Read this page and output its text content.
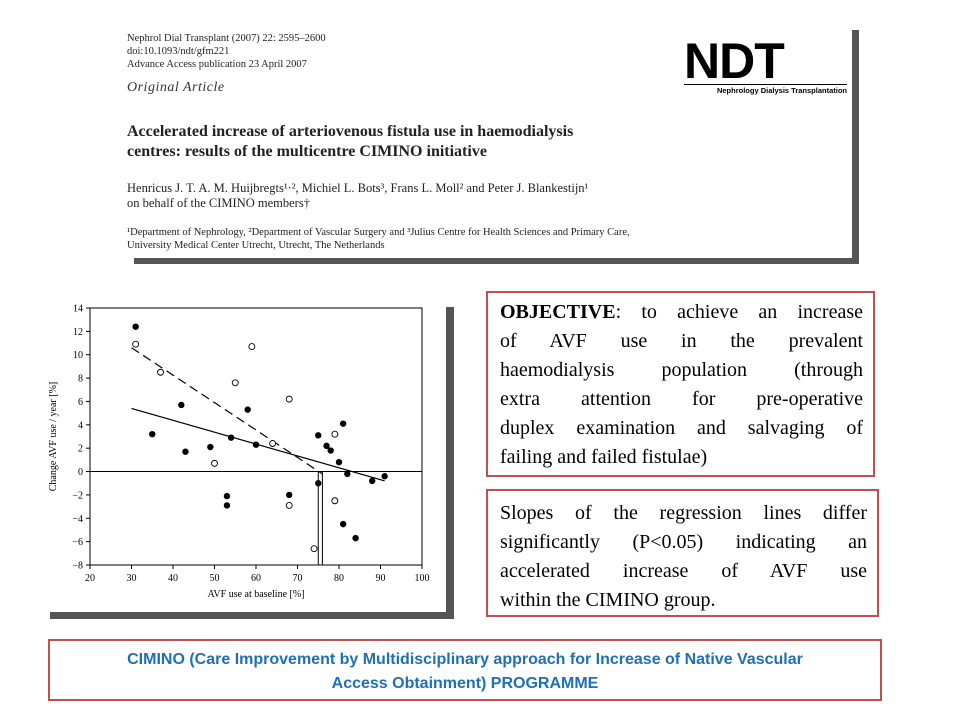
Nephrol Dial Transplant (2007) 22: 2595–2600
doi:10.1093/ndt/gfm221
Advance Access publication 23 April 2007
Original Article
Accelerated increase of arteriovenous fistula use in haemodialysis
centres: results of the multicentre CIMINO initiative
Henricus J. T. A. M. Huijbregts¹·², Michiel L. Bots³, Frans L. Moll² and Peter J. Blankestijn¹
on behalf of the CIMINO members†
¹Department of Nephrology, ²Department of Vascular Surgery and ³Julius Centre for Health Sciences and Primary Care,
University Medical Center Utrecht, Utrecht, The Netherlands
NDT
Nephrology Dialysis Transplantation
20	30	40	50	60	70	80	90	100
−8
−6
−4
−2
0
2
4
6
8
10
12
14
AVF use at baseline [%]
Change AVF use / year [%]
OBJECTIVE: to achieve an increase
of AVF use in the prevalent
haemodialysis population (through
extra attention for pre-operative
duplex examination and salvaging of
failing and failed fistulae)
Slopes of the regression lines differ
significantly (P<0.05) indicating an
accelerated increase of AVF use
within the CIMINO group.
CIMINO (Care Improvement by Multidisciplinary approach for Increase of Native Vascular
Access Obtainment) PROGRAMME
